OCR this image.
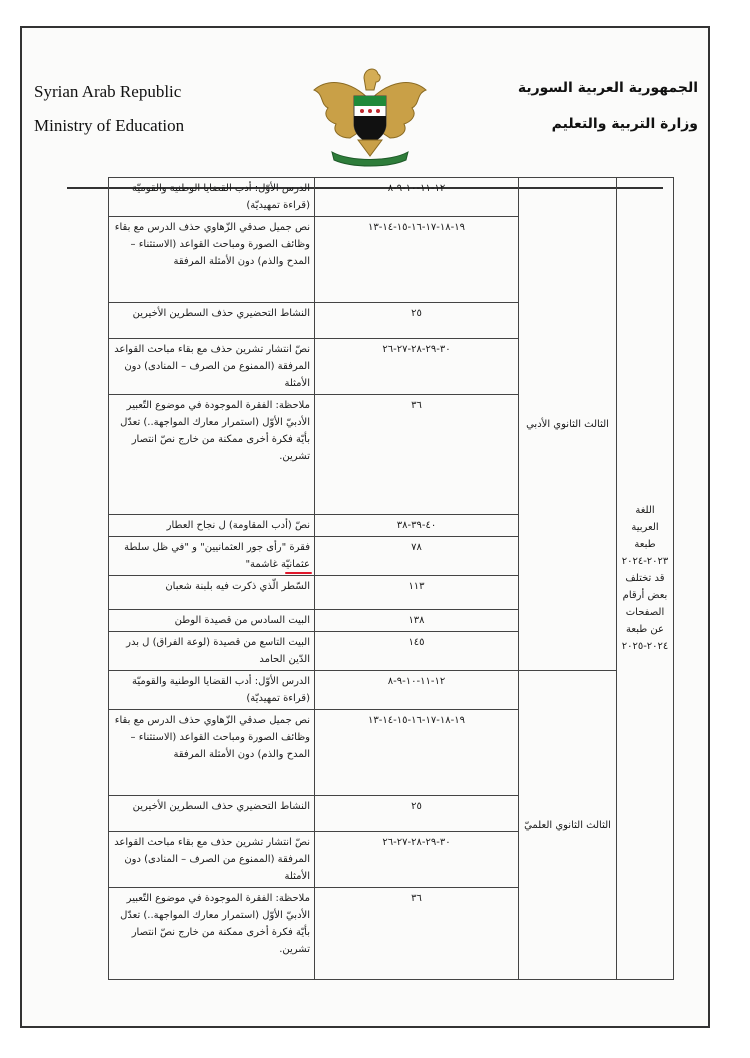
Syrian Arab Republic
Ministry of Education
الجمهورية العربية السورية
وزارة التربية والتعليم
اللغة العربية طبعة ٢٠٢٣-٢٠٢٤ قد تختلف بعض أرقام الصفحات عن طبعة ٢٠٢٤-٢٠٢٥	الثالث الثانوي الأدبي	١٢-١١-١٠-٩-٨	الدرس الأوّل: أدب القضايا الوطنية والقوميّة (قراءة تمهيديّة)
		١٩-١٨-١٧-١٦-١٥-١٤-١٣	نص جميل صدقي الزّهاوي حذف الدرس مع بقاء وظائف الصورة ومباحث القواعد (الاستثناء – المدح والذم) دون الأمثلة المرفقة
		٢٥	النشاط التحضيري حذف السطرين الأخيرين
		٣٠-٢٩-٢٨-٢٧-٢٦	نصّ انتشار تشرين حذف مع بقاء مباحث القواعد المرفقة (الممنوع من الصرف – المنادى) دون الأمثلة
		٣٦	ملاحظة: الفقرة الموجودة في موضوع التّعبير الأدبيّ الأوّل (استمرار معارك المواجهة..) تعدّل بأيّة فكرة أخرى ممكنة من خارج نصّ انتصار تشرين.
		٤٠-٣٩-٣٨	نصّ (أدب المقاومة) ل نجاح العطار
		٧٨	فقرة "رأى جور العثمانيين" و "في ظل سلطة عثمانيّة غاشمة"
		١١٣	السّطر الّذي ذكرت فيه بلبنة شعبان
		١٣٨	البيت السادس من قصيدة الوطن
		١٤٥	البيت التاسع من قصيدة (لوعة الفراق) ل بدر الدّين الحامد
	الثالث الثانوي العلميّ	١٢-١١-١٠-٩-٨	الدرس الأوّل: أدب القضايا الوطنية والقوميّة (قراءة تمهيديّة)
		١٩-١٨-١٧-١٦-١٥-١٤-١٣	نص جميل صدقي الزّهاوي حذف الدرس مع بقاء وظائف الصورة ومباحث القواعد (الاستثناء – المدح والذم) دون الأمثلة المرفقة
		٢٥	النشاط التحضيري حذف السطرين الأخيرين
		٣٠-٢٩-٢٨-٢٧-٢٦	نصّ انتشار تشرين حذف مع بقاء مباحث القواعد المرفقة (الممنوع من الصرف – المنادى) دون الأمثلة
		٣٦	ملاحظة: الفقرة الموجودة في موضوع التّعبير الأدبيّ الأوّل (استمرار معارك المواجهة..) تعدّل بأيّة فكرة أخرى ممكنة من خارج نصّ انتصار تشرين.
